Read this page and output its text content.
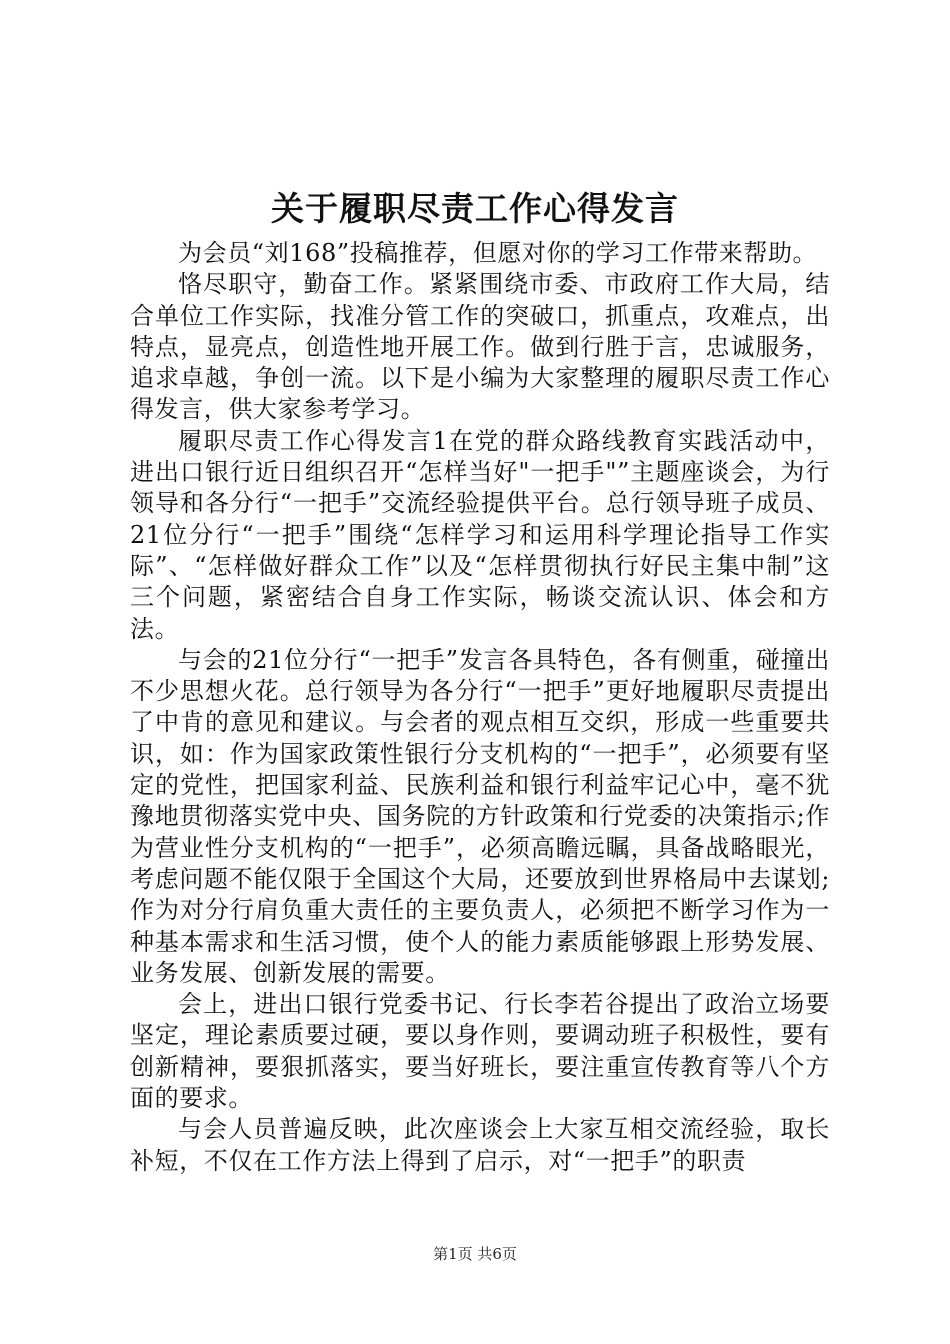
关于履职尽责工作心得发言

为会员“刘168”投稿推荐，但愿对你的学习工作带来帮助。

恪尽职守，勤奋工作。紧紧围绕市委、市政府工作大局，结合单位工作实际，找准分管工作的突破口，抓重点，攻难点，出特点，显亮点，创造性地开展工作。做到行胜于言，忠诚服务，追求卓越，争创一流。以下是小编为大家整理的履职尽责工作心得发言，供大家参考学习。

履职尽责工作心得发言1在党的群众路线教育实践活动中，进出口银行近日组织召开“怎样当好"一把手"”主题座谈会，为行领导和各分行“一把手”交流经验提供平台。总行领导班子成员、21位分行“一把手”围绕“怎样学习和运用科学理论指导工作实际”、“怎样做好群众工作”以及“怎样贯彻执行好民主集中制”这三个问题，紧密结合自身工作实际，畅谈交流认识、体会和方法。

与会的21位分行“一把手”发言各具特色，各有侧重，碰撞出不少思想火花。总行领导为各分行“一把手”更好地履职尽责提出了中肯的意见和建议。与会者的观点相互交织，形成一些重要共识，如：作为国家政策性银行分支机构的“一把手”，必须要有坚定的党性，把国家利益、民族利益和银行利益牢记心中，毫不犹豫地贯彻落实党中央、国务院的方针政策和行党委的决策指示;作为营业性分支机构的“一把手”，必须高瞻远瞩，具备战略眼光，考虑问题不能仅限于全国这个大局，还要放到世界格局中去谋划;作为对分行肩负重大责任的主要负责人，必须把不断学习作为一种基本需求和生活习惯，使个人的能力素质能够跟上形势发展、业务发展、创新发展的需要。

会上，进出口银行党委书记、行长李若谷提出了政治立场要坚定，理论素质要过硬，要以身作则，要调动班子积极性，要有创新精神，要狠抓落实，要当好班长，要注重宣传教育等八个方面的要求。

与会人员普遍反映，此次座谈会上大家互相交流经验，取长补短，不仅在工作方法上得到了启示，对“一把手”的职责

第1页 共6页
